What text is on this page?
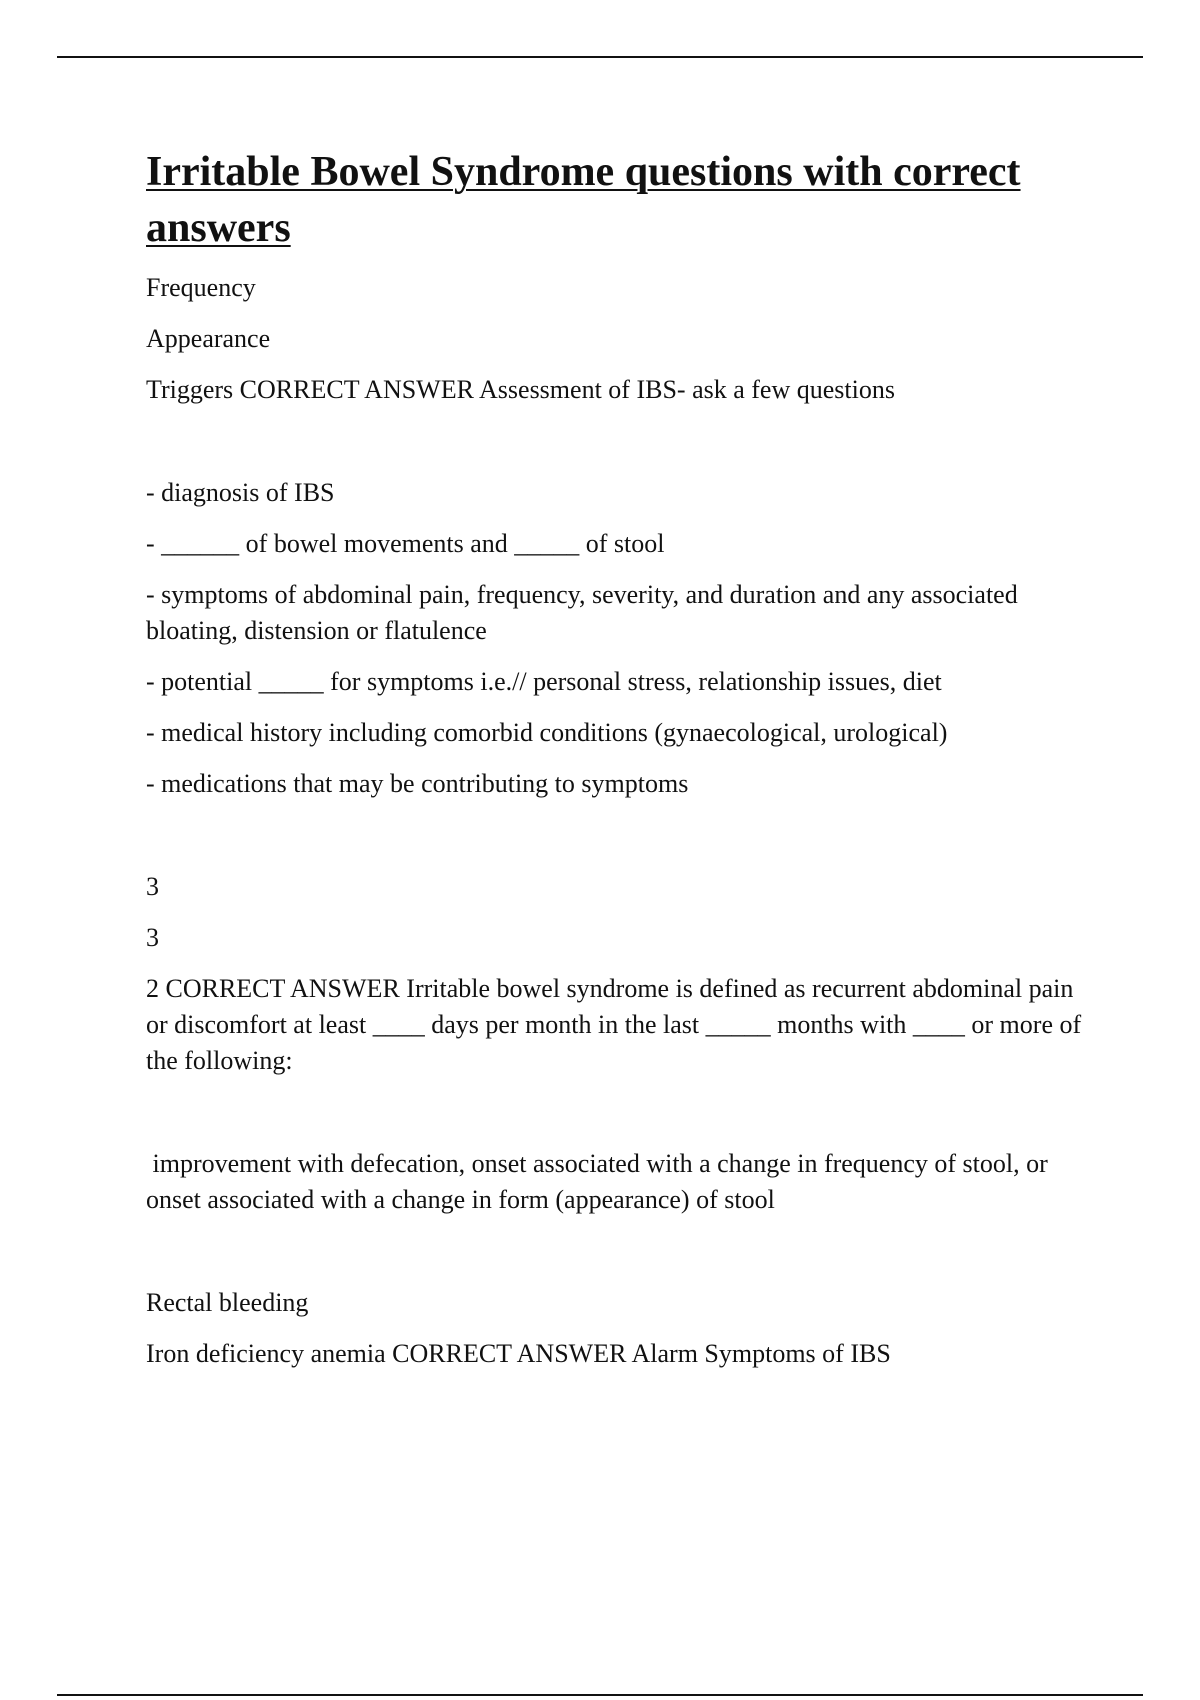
Irritable Bowel Syndrome questions with correct answers
Frequency
Appearance
Triggers CORRECT ANSWER Assessment of IBS- ask a few questions
- diagnosis of IBS
- ______ of bowel movements and _____ of stool
- symptoms of abdominal pain, frequency, severity, and duration and any associated bloating, distension or flatulence
- potential _____ for symptoms i.e.// personal stress, relationship issues, diet
- medical history including comorbid conditions (gynaecological, urological)
- medications that may be contributing to symptoms
3
3
2 CORRECT ANSWER Irritable bowel syndrome is defined as recurrent abdominal pain or discomfort at least ____ days per month in the last _____ months with ____ or more of the following:
improvement with defecation, onset associated with a change in frequency of stool, or onset associated with a change in form (appearance) of stool
Rectal bleeding
Iron deficiency anemia CORRECT ANSWER Alarm Symptoms of IBS
